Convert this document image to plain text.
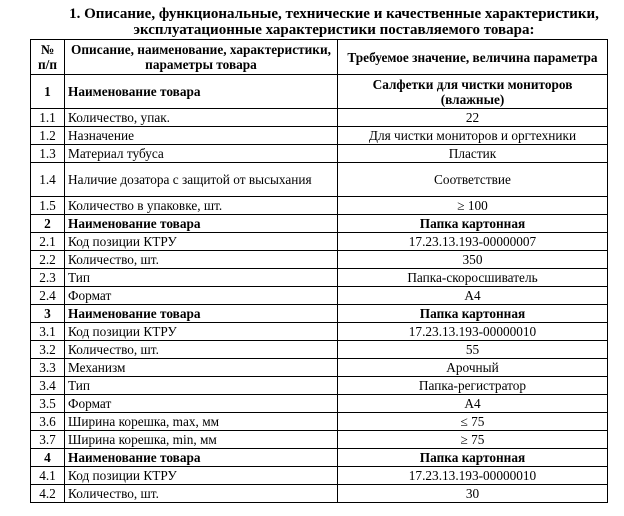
1. Описание, функциональные, технические и качественные характеристики,
эксплуатационные характеристики поставляемого товара:
№ п/п	Описание, наименование, характеристики, параметры товара	Требуемое значение, величина параметра
1	Наименование товара	Салфетки для чистки мониторов (влажные)
1.1	Количество, упак.	22
1.2	Назначение	Для чистки мониторов и оргтехники
1.3	Материал тубуса	Пластик
1.4	Наличие дозатора с защитой от высыхания	Соответствие
1.5	Количество в упаковке, шт.	≥ 100
2	Наименование товара	Папка картонная
2.1	Код позиции КТРУ	17.23.13.193-00000007
2.2	Количество, шт.	350
2.3	Тип	Папка-скоросшиватель
2.4	Формат	А4
3	Наименование товара	Папка картонная
3.1	Код позиции КТРУ	17.23.13.193-00000010
3.2	Количество, шт.	55
3.3	Механизм	Арочный
3.4	Тип	Папка-регистратор
3.5	Формат	А4
3.6	Ширина корешка, max, мм	≤ 75
3.7	Ширина корешка, min, мм	≥ 75
4	Наименование товара	Папка картонная
4.1	Код позиции КТРУ	17.23.13.193-00000010
4.2	Количество, шт.	30
